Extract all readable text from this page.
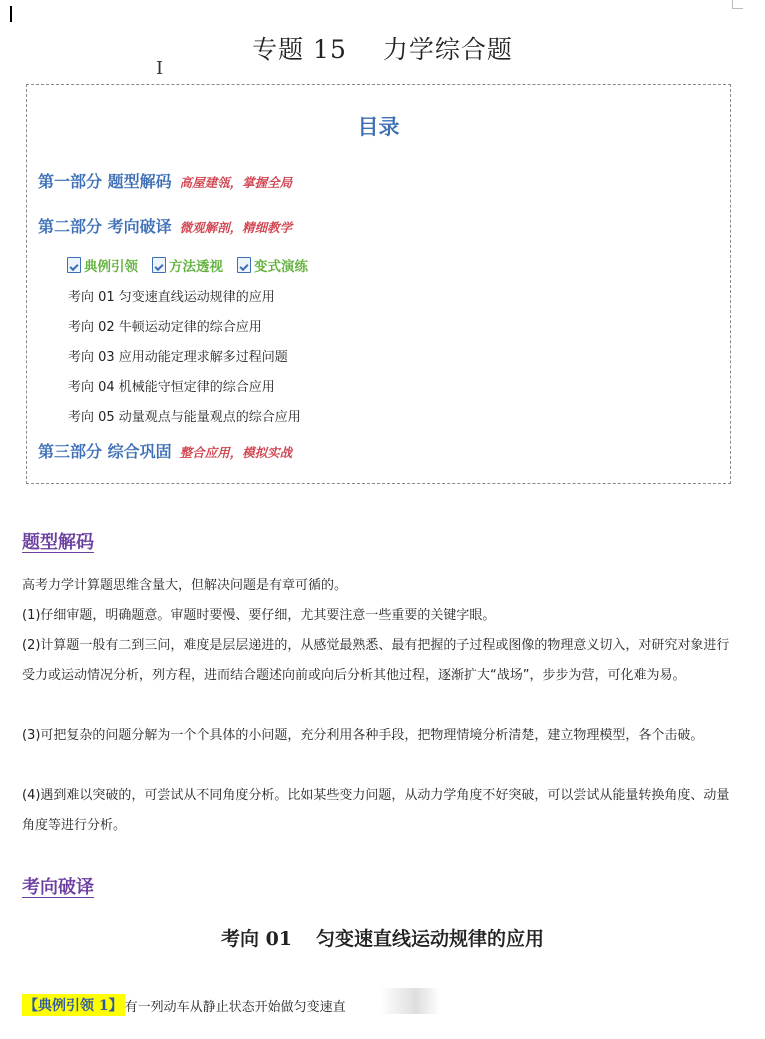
I
专题 15 力学综合题
目录
第一部分 题型解码 高屋建瓴，掌握全局
第二部分 考向破译 微观解剖，精细教学
典例引领 方法透视 变式演练
考向 01 匀变速直线运动规律的应用
考向 02 牛顿运动定律的综合应用
考向 03 应用动能定理求解多过程问题
考向 04 机械能守恒定律的综合应用
考向 05 动量观点与能量观点的综合应用
第三部分 综合巩固 整合应用，模拟实战
题型解码
高考力学计算题思维含量大，但解决问题是有章可循的。
(1)仔细审题，明确题意。审题时要慢、要仔细，尤其要注意一些重要的关键字眼。
(2)计算题一般有二到三问，难度是层层递进的，从感觉最熟悉、最有把握的子过程或图像的物理意义切入，对研究对象进行受力或运动情况分析，列方程，进而结合题述向前或向后分析其他过程，逐渐扩大“战场”，步步为营，可化难为易。
(3)可把复杂的问题分解为一个个具体的小问题，充分利用各种手段，把物理情境分析清楚，建立物理模型，各个击破。
(4)遇到难以突破的，可尝试从不同角度分析。比如某些变力问题，从动力学角度不好突破，可以尝试从能量转换角度、动量角度等进行分析。
考向破译
考向 01 匀变速直线运动规律的应用
【典例引领 1】 有一列动车从静止状态开始做匀变速直
